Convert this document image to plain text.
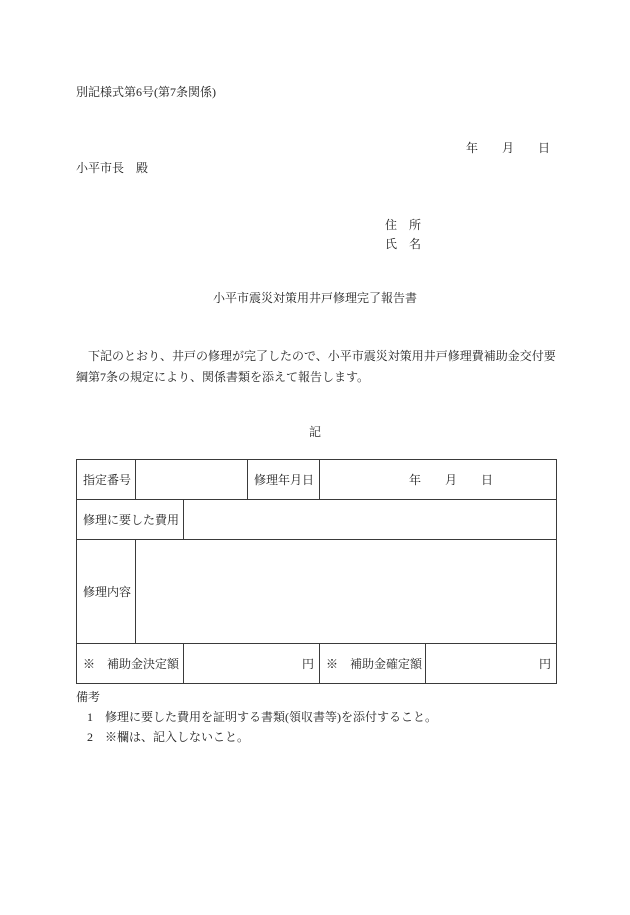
別記様式第6号(第7条関係)
年　　月　　日
小平市長　殿
住　所
氏　名
小平市震災対策用井戸修理完了報告書
　下記のとおり、井戸の修理が完了したので、小平市震災対策用井戸修理費補助金交付要
綱第7条の規定により、関係書類を添えて報告します。
記
指定番号			修理年月日	年　　月　　日	
修理に要した費用					
修理内容					
※　補助金決定額		円		※　補助金確定額	円
備考
1　修理に要した費用を証明する書類(領収書等)を添付すること。
2　※欄は、記入しないこと。
